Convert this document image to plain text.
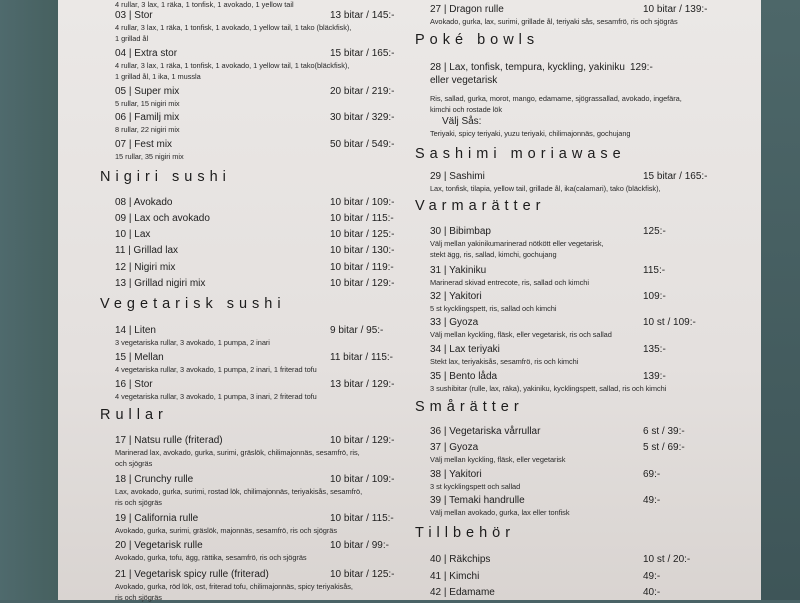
4 rullar, 3 lax, 1 räka, 1 tonfisk, 1 avokado, 1 yellow tail
03 | Stor	13 bitar / 145:-
4 rullar, 3 lax, 1 räka, 1 tonfisk, 1 avokado, 1 yellow tail, 1 tako (bläckfisk),
1 grillad ål
04 | Extra stor	15 bitar / 165:-
4 rullar, 3 lax, 1 räka, 1 tonfisk, 1 avokado, 1 yellow tail, 1 tako(bläckfisk),
1 grillad ål, 1 ika, 1 mussla
05 | Super mix	20 bitar / 219:-
5 rullar, 15 nigiri mix
06 | Familj mix	30 bitar / 329:-
8 rullar, 22 nigiri mix
07 | Fest mix	50 bitar / 549:-
15 rullar, 35 nigiri mix
Nigiri sushi
08 | Avokado	10 bitar / 109:-
09 | Lax och avokado	10 bitar / 115:-
10 | Lax	10 bitar / 125:-
11 | Grillad lax	10 bitar / 130:-
12 | Nigiri mix	10 bitar / 119:-
13 | Grillad nigiri mix	10 bitar / 129:-
Vegetarisk sushi
14 | Liten	9 bitar / 95:-
3 vegetariska rullar, 3 avokado, 1 pumpa, 2 inari
15 | Mellan	11 bitar / 115:-
4 vegetariska rullar, 3 avokado, 1 pumpa, 2 inari, 1 friterad tofu
16 | Stor	13 bitar / 129:-
4 vegetariska rullar, 3 avokado, 1 pumpa, 3 inari, 2 friterad tofu
Rullar
17 | Natsu rulle (friterad)	10 bitar / 129:-
Marinerad lax, avokado, gurka, surimi, gräslök, chilimajonnäs, sesamfrö, ris,
och sjögräs
18 | Crunchy rulle	10 bitar / 109:-
Lax, avokado, gurka, surimi, rostad lök, chilimajonnäs, teriyakisås, sesamfrö,
ris och sjögräs
19 | California rulle	10 bitar / 115:-
Avokado, gurka, surimi, gräslök, majonnäs, sesamfrö, ris och sjögräs
20 | Vegetarisk rulle	10 bitar / 99:-
Avokado, gurka, tofu, ägg, rättika, sesamfrö, ris och sjögräs
21 | Vegetarisk spicy rulle (friterad)	10 bitar / 125:-
Avokado, gurka, röd lök, ost, friterad tofu, chilimajonnäs, spicy teriyakisås,
ris och sjögräs
27 | Dragon rulle	10 bitar / 139:-
Avokado, gurka, lax, surimi, grillade ål, teriyaki sås, sesamfrö, ris och sjögräs
Poké bowls
28 | Lax, tonfisk, tempura, kyckling, yakiniku 129:-
eller vegetarisk
Ris, sallad, gurka, morot, mango, edamame, sjögrassallad, avokado, ingefära,
kimchi och rostade lök
Välj Sås:
Teriyaki, spicy teriyaki, yuzu teriyaki, chilimajonnäs, gochujang
Sashimi moriawase
29 | Sashimi	15 bitar / 165:-
Lax, tonfisk, tilapia, yellow tail, grillade ål, ika(calamari), tako (bläckfisk),
Varmarätter
30 | Bibimbap	125:-
Välj mellan yakinikumarinerad nötkött eller vegetarisk,
stekt ägg, ris, sallad, kimchi, gochujang
31 | Yakiniku	115:-
Marinerad skivad entrecote, ris, sallad och kimchi
32 | Yakitori	109:-
5 st kycklingspett, ris, sallad och kimchi
33 | Gyoza	10 st / 109:-
Välj mellan kyckling, fläsk, eller vegetarisk, ris och sallad
34 | Lax teriyaki	135:-
Stekt lax, teriyakisås, sesamfrö, ris och kimchi
35 | Bento låda	139:-
3 sushibitar (rulle, lax, räka), yakiniku, kycklingspett, sallad, ris och kimchi
Smårätter
36 | Vegetariska vårrullar	6 st / 39:-
37 | Gyoza	5 st / 69:-
Välj mellan kyckling, fläsk, eller vegetarisk
38 | Yakitori	69:-
3 st kycklingspett och sallad
39 | Temaki handrulle	49:-
Välj mellan avokado, gurka, lax eller tonfisk
Tillbehör
40 | Räkchips	10 st / 20:-
41 | Kimchi	49:-
42 | Edamame	40:-
